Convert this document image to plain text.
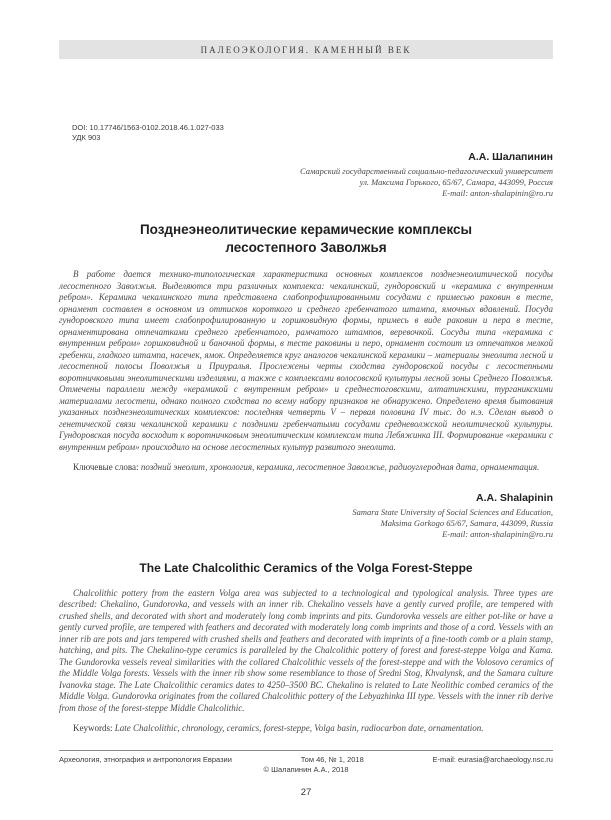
ПАЛЕОЭКОЛОГИЯ. КАМЕННЫЙ ВЕК
DOI: 10.17746/1563-0102.2018.46.1.027-033
УДК 903
А.А. Шалапинин
Самарский государственный социально-педагогический университет
ул. Максима Горького, 65/67, Самара, 443099, Россия
E-mail: anton-shalapinin@ro.ru
Позднеэнеолитические керамические комплексы
лесостепного Заволжья
В работе дается технико-типологическая характеристика основных комплексов позднеэнеолитической посуды лесостепного Заволжья. Выделяются три различных комплекса: чекалинский, гундоровский и «керамика с внутренним ребром». Керамика чекалинского типа представлена слабопрофилированными сосудами с примесью раковин в тесте, орнамент составлен в основном из оттисков короткого и среднего гребенчатого штампа, ямочных вдавлений. Посуда гундоровского типа имеет слабопрофилированную и горшковидную формы, примесь в виде раковин и пера в тесте, орнаментирована отпечатками среднего гребенчатого, рамчатого штампов, веревочкой. Сосуды типа «керамика с внутренним ребром» горшковидной и баночной формы, в тесте раковины и перо, орнамент состоит из отпечатков мелкой гребенки, гладкого штампа, насечек, ямок. Определяется круг аналогов чекалинской керамики – материалы энеолита лесной и лесостепной полосы Поволжья и Приуралья. Прослежены черты сходства гундоровской посуды с лесостепными воротничковыми энеолитическими изделиями, а также с комплексами волосовской культуры лесной зоны Среднего Поволжья. Отмечены параллели между «керамикой с внутренним ребром» и среднестоговскими, алтатинскими, турганикскими материалами лесостепи, однако полного сходства по всему набору признаков не обнаружено. Определено время бытования указанных позднеэнеолитических комплексов: последняя четверть V – первая половина IV тыс. до н.э. Сделан вывод о генетической связи чекалинской керамики с поздними гребенчатыми сосудами средневолжской неолитической культуры. Гундоровская посуда восходит к воротничковым энеолитическим комплексам типа Лебяжинка III. Формирование «керамики с внутренним ребром» происходило на основе лесостепных культур развитого энеолита.
Ключевые слова: поздний энеолит, хронология, керамика, лесостепное Заволжье, радиоуглеродная дата, орнаментация.
A.A. Shalapinin
Samara State University of Social Sciences and Education,
Maksima Gorkogo 65/67, Samara, 443099, Russia
E-mail: anton-shalapinin@ro.ru
The Late Chalcolithic Ceramics of the Volga Forest-Steppe
Chalcolithic pottery from the eastern Volga area was subjected to a technological and typological analysis. Three types are described: Chekalino, Gundorovka, and vessels with an inner rib. Chekalino vessels have a gently curved profile, are tempered with crushed shells, and decorated with short and moderately long comb imprints and pits. Gundorovka vessels are either pot-like or have a gently curved profile, are tempered with feathers and decorated with moderately long comb imprints and those of a cord. Vessels with an inner rib are pots and jars tempered with crushed shells and feathers and decorated with imprints of a fine-tooth comb or a plain stamp, hatching, and pits. The Chekalino-type ceramics is paralleled by the Chalcolithic pottery of forest and forest-steppe Volga and Kama. The Gundorovka vessels reveal similarities with the collared Chalcolithic vessels of the forest-steppe and with the Volosovo ceramics of the Middle Volga forests. Vessels with the inner rib show some resemblance to those of Sredni Stog, Khvalynsk, and the Samara culture Ivanovka stage. The Late Chalcolithic ceramics dates to 4250–3500 BC. Chekalino is related to Late Neolithic combed ceramics of the Middle Volga. Gundorovka originates from the collared Chalcolithic pottery of the Lebyazhinka III type. Vessels with the inner rib derive from those of the forest-steppe Middle Chalcolithic.
Keywords: Late Chalcolithic, chronology, ceramics, forest-steppe, Volga basin, radiocarbon date, ornamentation.
Археология, этнография и антропология Евразии	Том 46, № 1, 2018	E-mail: eurasia@archaeology.nsc.ru
© Шалапинин А.А., 2018
27
